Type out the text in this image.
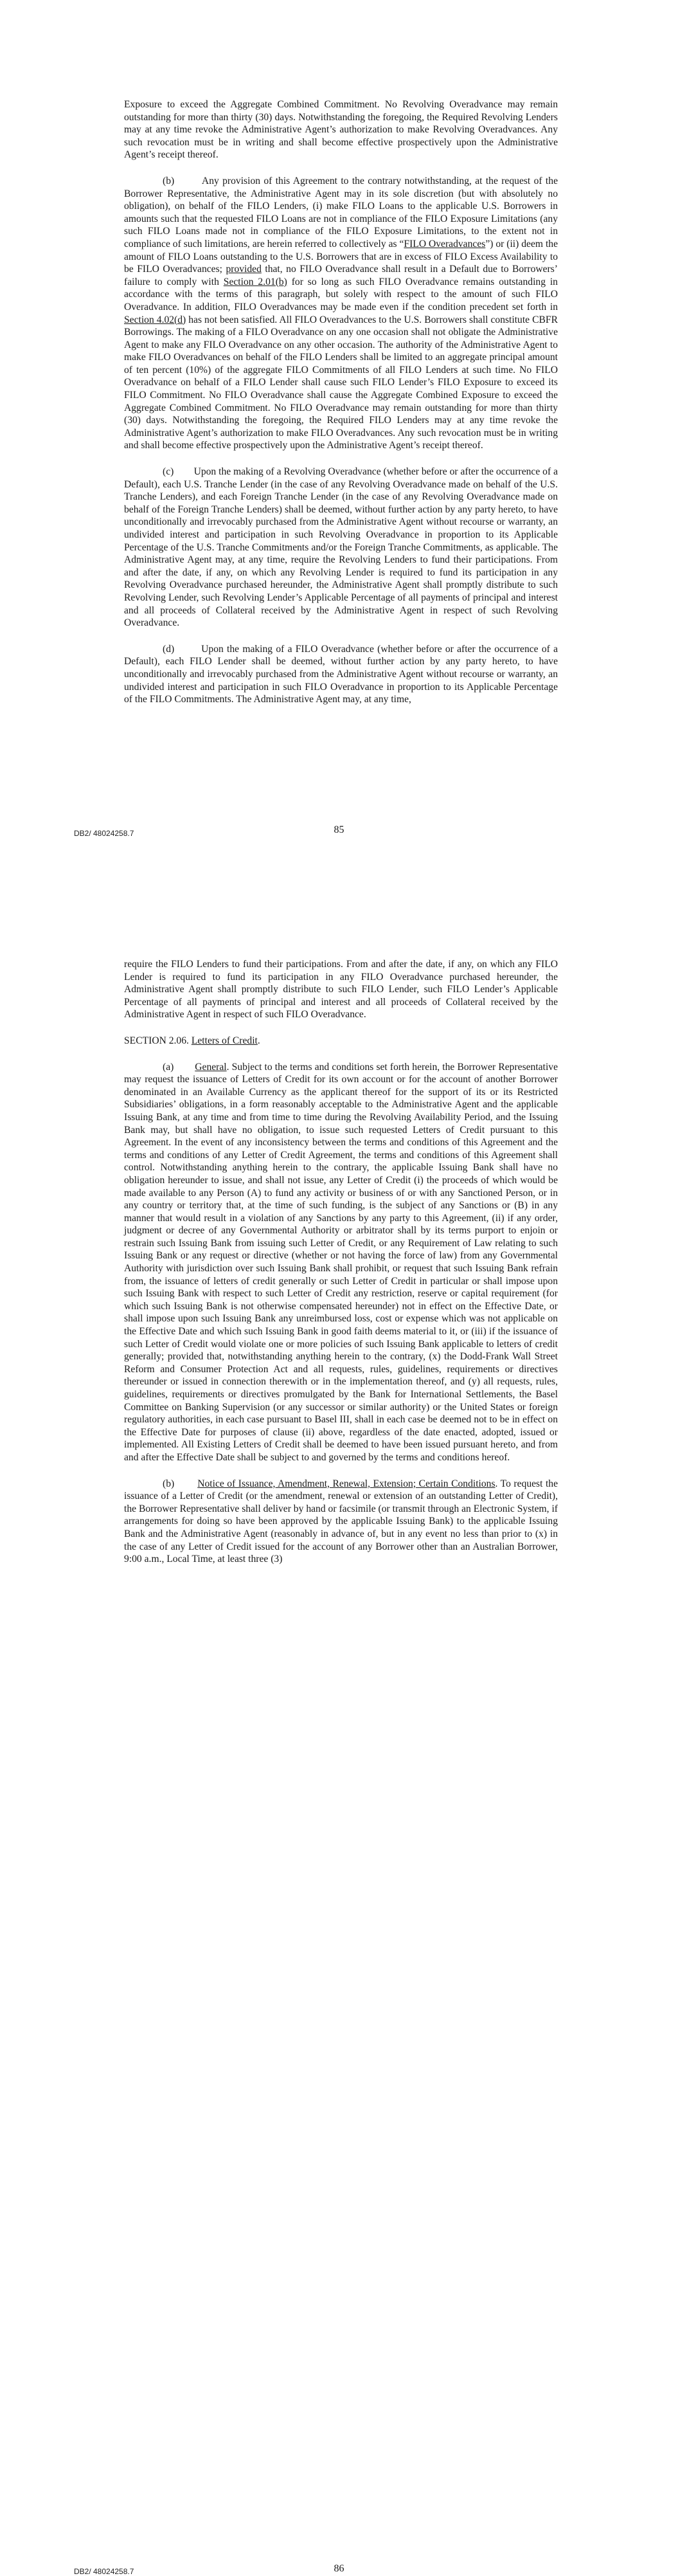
Exposure to exceed the Aggregate Combined Commitment. No Revolving Overadvance may remain outstanding for more than thirty (30) days. Notwithstanding the foregoing, the Required Revolving Lenders may at any time revoke the Administrative Agent’s authorization to make Revolving Overadvances. Any such revocation must be in writing and shall become effective prospectively upon the Administrative Agent’s receipt thereof.

(b)        Any provision of this Agreement to the contrary notwithstanding, at the request of the Borrower Representative, the Administrative Agent may in its sole discretion (but with absolutely no obligation), on behalf of the FILO Lenders, (i) make FILO Loans to the applicable U.S. Borrowers in amounts such that the requested FILO Loans are not in compliance of the FILO Exposure Limitations (any such FILO Loans made not in compliance of the FILO Exposure Limitations, to the extent not in compliance of such limitations, are herein referred to collectively as “FILO Overadvances”) or (ii) deem the amount of FILO Loans outstanding to the U.S. Borrowers that are in excess of FILO Excess Availability to be FILO Overadvances; provided that, no FILO Overadvance shall result in a Default due to Borrowers’ failure to comply with Section 2.01(b) for so long as such FILO Overadvance remains outstanding in accordance with the terms of this paragraph, but solely with respect to the amount of such FILO Overadvance. In addition, FILO Overadvances may be made even if the condition precedent set forth in Section 4.02(d) has not been satisfied. All FILO Overadvances to the U.S. Borrowers shall constitute CBFR Borrowings. The making of a FILO Overadvance on any one occasion shall not obligate the Administrative Agent to make any FILO Overadvance on any other occasion. The authority of the Administrative Agent to make FILO Overadvances on behalf of the FILO Lenders shall be limited to an aggregate principal amount of ten percent (10%) of the aggregate FILO Commitments of all FILO Lenders at such time. No FILO Overadvance on behalf of a FILO Lender shall cause such FILO Lender’s FILO Exposure to exceed its FILO Commitment. No FILO Overadvance shall cause the Aggregate Combined Exposure to exceed the Aggregate Combined Commitment. No FILO Overadvance may remain outstanding for more than thirty (30) days. Notwithstanding the foregoing, the Required FILO Lenders may at any time revoke the Administrative Agent’s authorization to make FILO Overadvances. Any such revocation must be in writing and shall become effective prospectively upon the Administrative Agent’s receipt thereof.

(c)        Upon the making of a Revolving Overadvance (whether before or after the occurrence of a Default), each U.S. Tranche Lender (in the case of any Revolving Overadvance made on behalf of the U.S. Tranche Lenders), and each Foreign Tranche Lender (in the case of any Revolving Overadvance made on behalf of the Foreign Tranche Lenders) shall be deemed, without further action by any party hereto, to have unconditionally and irrevocably purchased from the Administrative Agent without recourse or warranty, an undivided interest and participation in such Revolving Overadvance in proportion to its Applicable Percentage of the U.S. Tranche Commitments and/or the Foreign Tranche Commitments, as applicable. The Administrative Agent may, at any time, require the Revolving Lenders to fund their participations. From and after the date, if any, on which any Revolving Lender is required to fund its participation in any Revolving Overadvance purchased hereunder, the Administrative Agent shall promptly distribute to such Revolving Lender, such Revolving Lender’s Applicable Percentage of all payments of principal and interest and all proceeds of Collateral received by the Administrative Agent in respect of such Revolving Overadvance.

(d)        Upon the making of a FILO Overadvance (whether before or after the occurrence of a Default), each FILO Lender shall be deemed, without further action by any party hereto, to have unconditionally and irrevocably purchased from the Administrative Agent without recourse or warranty, an undivided interest and participation in such FILO Overadvance in proportion to its Applicable Percentage of the FILO Commitments. The Administrative Agent may, at any time,

DB2/ 48024258.7	85

require the FILO Lenders to fund their participations. From and after the date, if any, on which any FILO Lender is required to fund its participation in any FILO Overadvance purchased hereunder, the Administrative Agent shall promptly distribute to such FILO Lender, such FILO Lender’s Applicable Percentage of all payments of principal and interest and all proceeds of Collateral received by the Administrative Agent in respect of such FILO Overadvance.

SECTION 2.06. Letters of Credit.

(a)        General. Subject to the terms and conditions set forth herein, the Borrower Representative may request the issuance of Letters of Credit for its own account or for the account of another Borrower denominated in an Available Currency as the applicant thereof for the support of its or its Restricted Subsidiaries’ obligations, in a form reasonably acceptable to the Administrative Agent and the applicable Issuing Bank, at any time and from time to time during the Revolving Availability Period, and the Issuing Bank may, but shall have no obligation, to issue such requested Letters of Credit pursuant to this Agreement. In the event of any inconsistency between the terms and conditions of this Agreement and the terms and conditions of any Letter of Credit Agreement, the terms and conditions of this Agreement shall control. Notwithstanding anything herein to the contrary, the applicable Issuing Bank shall have no obligation hereunder to issue, and shall not issue, any Letter of Credit (i) the proceeds of which would be made available to any Person (A) to fund any activity or business of or with any Sanctioned Person, or in any country or territory that, at the time of such funding, is the subject of any Sanctions or (B) in any manner that would result in a violation of any Sanctions by any party to this Agreement, (ii) if any order, judgment or decree of any Governmental Authority or arbitrator shall by its terms purport to enjoin or restrain such Issuing Bank from issuing such Letter of Credit, or any Requirement of Law relating to such Issuing Bank or any request or directive (whether or not having the force of law) from any Governmental Authority with jurisdiction over such Issuing Bank shall prohibit, or request that such Issuing Bank refrain from, the issuance of letters of credit generally or such Letter of Credit in particular or shall impose upon such Issuing Bank with respect to such Letter of Credit any restriction, reserve or capital requirement (for which such Issuing Bank is not otherwise compensated hereunder) not in effect on the Effective Date, or shall impose upon such Issuing Bank any unreimbursed loss, cost or expense which was not applicable on the Effective Date and which such Issuing Bank in good faith deems material to it, or (iii) if the issuance of such Letter of Credit would violate one or more policies of such Issuing Bank applicable to letters of credit generally; provided that, notwithstanding anything herein to the contrary, (x) the Dodd-Frank Wall Street Reform and Consumer Protection Act and all requests, rules, guidelines, requirements or directives thereunder or issued in connection therewith or in the implementation thereof, and (y) all requests, rules, guidelines, requirements or directives promulgated by the Bank for International Settlements, the Basel Committee on Banking Supervision (or any successor or similar authority) or the United States or foreign regulatory authorities, in each case pursuant to Basel III, shall in each case be deemed not to be in effect on the Effective Date for purposes of clause (ii) above, regardless of the date enacted, adopted, issued or implemented. All Existing Letters of Credit shall be deemed to have been issued pursuant hereto, and from and after the Effective Date shall be subject to and governed by the terms and conditions hereof.

(b)        Notice of Issuance, Amendment, Renewal, Extension; Certain Conditions. To request the issuance of a Letter of Credit (or the amendment, renewal or extension of an outstanding Letter of Credit), the Borrower Representative shall deliver by hand or facsimile (or transmit through an Electronic System, if arrangements for doing so have been approved by the applicable Issuing Bank) to the applicable Issuing Bank and the Administrative Agent (reasonably in advance of, but in any event no less than prior to (x) in the case of any Letter of Credit issued for the account of any Borrower other than an Australian Borrower, 9:00 a.m., Local Time, at least three (3)

DB2/ 48024258.7	86
